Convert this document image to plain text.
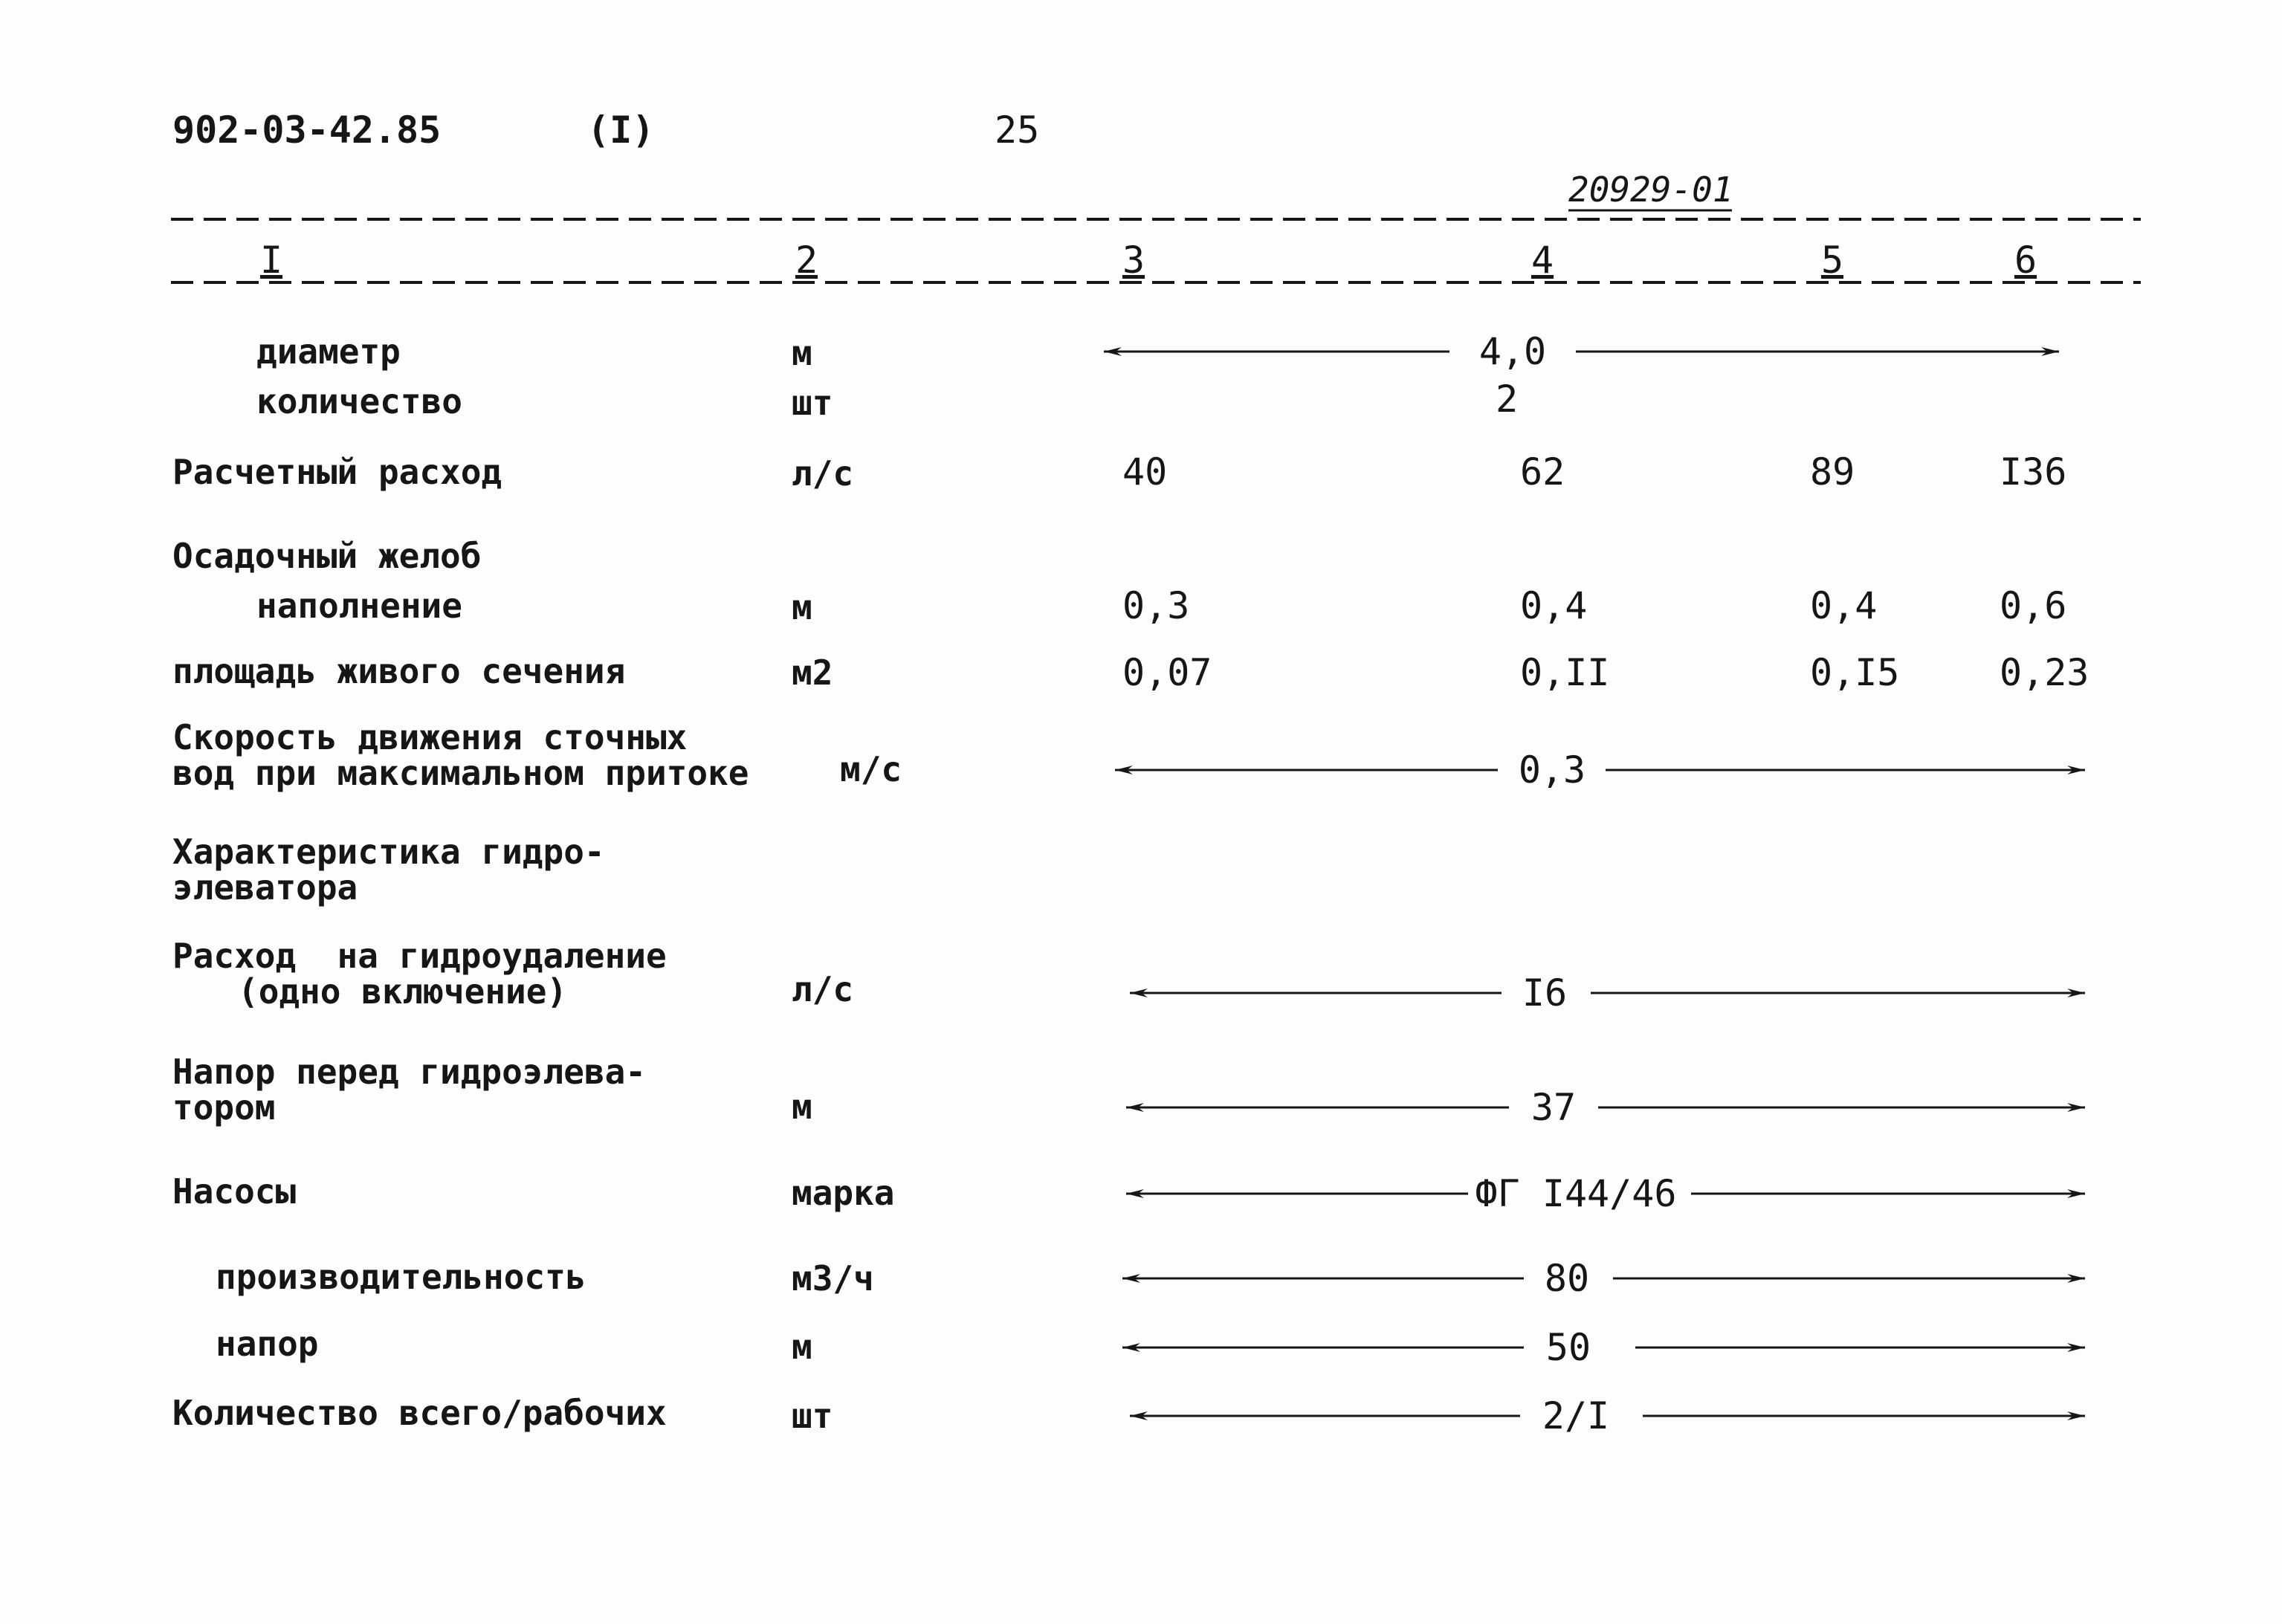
902-03-42.85	(I)	25
20929-01
I	2	3	4	5	6
диаметр	м	4,0
количество	шт	2
Расчетный расход	л/с	40	62	89	I36
Осадочный желоб
наполнение	м	0,3	0,4	0,4	0,6
площадь живого сечения	м2	0,07	0,II	0,I5	0,23
Скорость движения сточных
вод при максимальном притоке	м/с	0,3
Характеристика гидро-
элеватора
Расход  на гидроудаление
(одно включение)	л/с	I6
Напор перед гидроэлева-
тором	м	37
Насосы	марка	ФГ I44/46
производительность	м3/ч	80
напор	м	50
Количество всего/рабочих	шт	2/I
